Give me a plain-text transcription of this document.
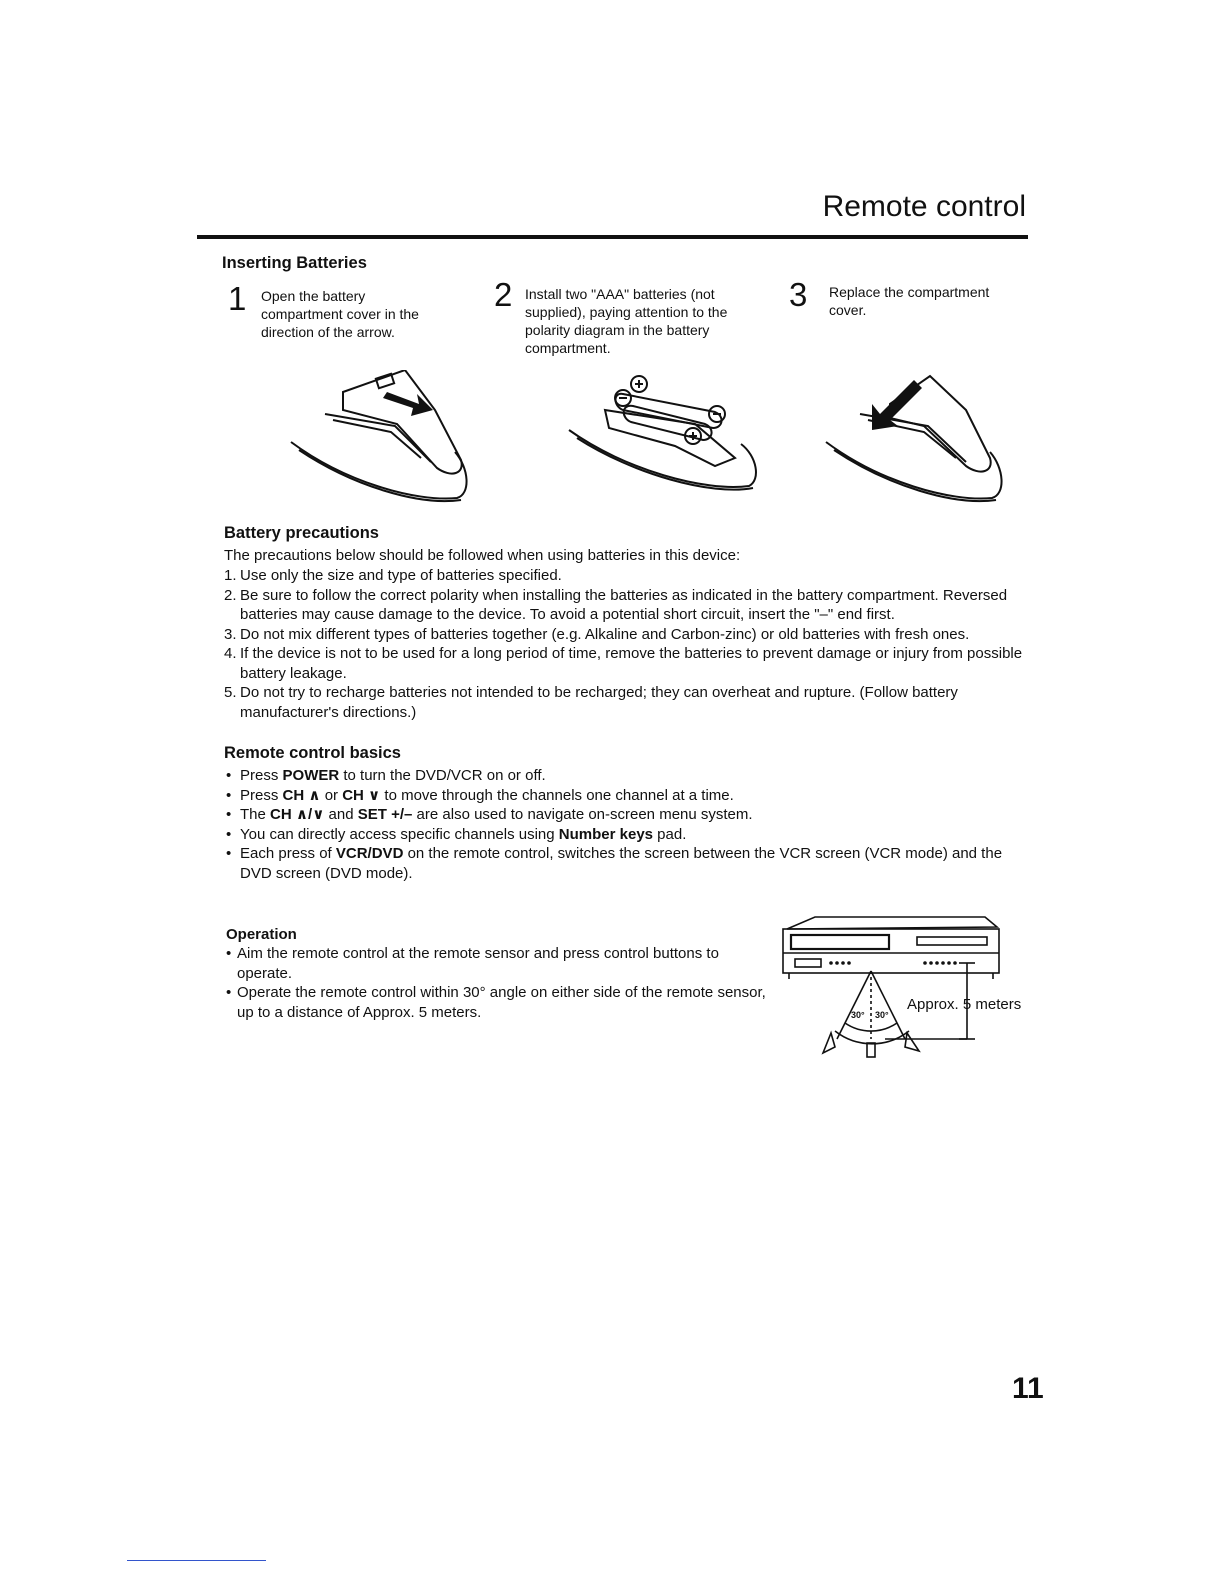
Remote control
Inserting Batteries
1 Open the battery
compartment cover in the
direction of the arrow.
2 Install two "AAA" batteries (not
supplied), paying attention to the
polarity diagram in the battery
compartment.
3 Replace the compartment
cover.
Battery precautions
The precautions below should be followed when using batteries in this device:
1. Use only the size and type of batteries specified.
2. Be sure to follow the correct polarity when installing the batteries as indicated in the battery compartment. Reversed batteries may cause damage to the device. To avoid a potential short circuit, insert the "–" end first.
3. Do not mix different types of batteries together (e.g. Alkaline and Carbon-zinc) or old batteries with fresh ones.
4. If the device is not to be used for a long period of time, remove the batteries to prevent damage or injury from possible battery leakage.
5. Do not try to recharge batteries not intended to be recharged; they can overheat and rupture. (Follow battery manufacturer's directions.)
Remote control basics
• Press POWER to turn the DVD/VCR on or off.
• Press CH ∧ or CH ∨ to move through the channels one channel at a time.
• The CH ∧/∨ and SET +/– are also used to navigate on-screen menu system.
• You can directly access specific channels using Number keys pad.
• Each press of VCR/DVD on the remote control, switches the screen between the VCR screen (VCR mode) and the DVD screen (DVD mode).
Operation
• Aim the remote control at the remote sensor and press control buttons to operate.
• Operate the remote control within 30° angle on either side of the remote sensor, up to a distance of Approx. 5 meters.	30° 30°
Approx. 5 meters
11
